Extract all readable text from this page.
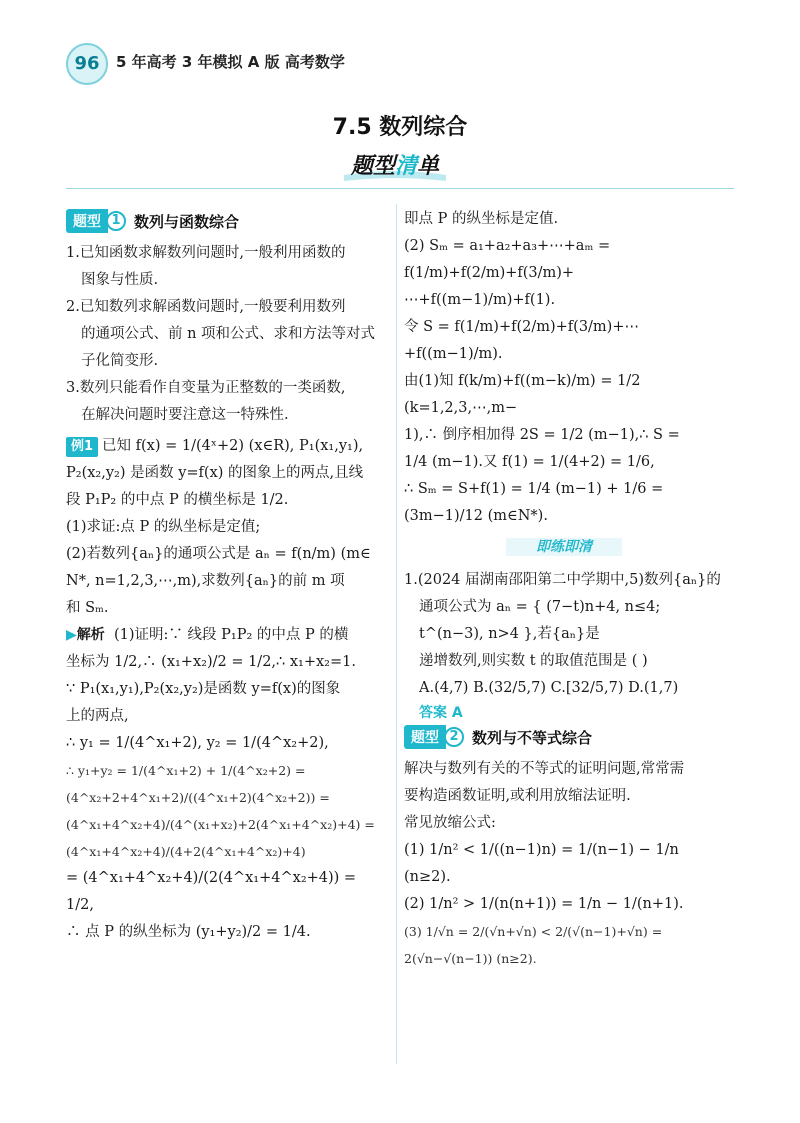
96	5 年高考 3 年模拟 A 版 高考数学
7.5 数列综合
题型清单
题型 1 数列与函数综合

1.已知函数求解数列问题时,一般利用函数的

图象与性质.

2.已知数列求解函数问题时,一般要利用数列

的通项公式、前 n 项和公式、求和方法等对式

子化简变形.

3.数列只能看作自变量为正整数的一类函数,

在解决问题时要注意这一特殊性.

例1 已知 f(x) = 1/(4ˣ+2) (x∈R), P₁(x₁,y₁),

P₂(x₂,y₂) 是函数 y=f(x) 的图象上的两点,且线

段 P₁P₂ 的中点 P 的横坐标是 1/2.

(1)求证:点 P 的纵坐标是定值;

(2)若数列{aₙ}的通项公式是 aₙ = f(n/m) (m∈

N*, n=1,2,3,⋯,m),求数列{aₙ}的前 m 项

和 Sₘ.

▶解析 (1)证明:∵ 线段 P₁P₂ 的中点 P 的横

坐标为 1/2,∴ (x₁+x₂)/2 = 1/2,∴ x₁+x₂=1.

∵ P₁(x₁,y₁),P₂(x₂,y₂)是函数 y=f(x)的图象

上的两点,

∴ y₁ = 1/(4^x₁+2), y₂ = 1/(4^x₂+2),

∴ y₁+y₂ = 1/(4^x₁+2) + 1/(4^x₂+2) = (4^x₂+2+4^x₁+2)/((4^x₁+2)(4^x₂+2)) =

(4^x₁+4^x₂+4)/(4^(x₁+x₂)+2(4^x₁+4^x₂)+4) = (4^x₁+4^x₂+4)/(4+2(4^x₁+4^x₂)+4)

= (4^x₁+4^x₂+4)/(2(4^x₁+4^x₂+4)) = 1/2,

∴ 点 P 的纵坐标为 (y₁+y₂)/2 = 1/4.

即点 P 的纵坐标是定值.

(2) Sₘ = a₁+a₂+a₃+⋯+aₘ = f(1/m)+f(2/m)+f(3/m)+

⋯+f((m−1)/m)+f(1).

令 S = f(1/m)+f(2/m)+f(3/m)+⋯+f((m−1)/m).

由(1)知 f(k/m)+f((m−k)/m) = 1/2 (k=1,2,3,⋯,m−

1),∴ 倒序相加得 2S = 1/2 (m−1),∴ S =

1/4 (m−1).又 f(1) = 1/(4+2) = 1/6,

∴ Sₘ = S+f(1) = 1/4 (m−1) + 1/6 = (3m−1)/12 (m∈N*).

即练即清

1.(2024 届湖南邵阳第二中学期中,5)数列{aₙ}的

通项公式为 aₙ = { (7−t)n+4, n≤4; t^(n−3), n>4 },若{aₙ}是

递增数列,则实数 t 的取值范围是 ( )

A.(4,7) B.(32/5,7) C.[32/5,7) D.(1,7)

答案 A

题型 2 数列与不等式综合

解决与数列有关的不等式的证明问题,常常需

要构造函数证明,或利用放缩法证明.

常见放缩公式:

(1) 1/n² < 1/((n−1)n) = 1/(n−1) − 1/n (n≥2).

(2) 1/n² > 1/(n(n+1)) = 1/n − 1/(n+1).

(3) 1/√n = 2/(√n+√n) < 2/(√(n−1)+√n) = 2(√n−√(n−1)) (n≥2).
